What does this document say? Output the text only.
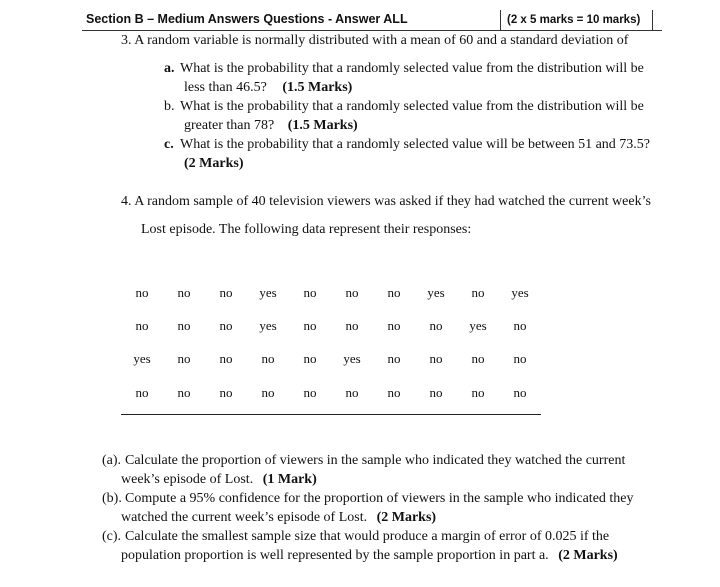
Section B – Medium Answers Questions - Answer ALL	(2 x 5 marks = 10 marks)
3. A random variable is normally distributed with a mean of 60 and a standard deviation of
a. What is the probability that a randomly selected value from the distribution will be
less than 46.5? (1.5 Marks)
b. What is the probability that a randomly selected value from the distribution will be
greater than 78? (1.5 Marks)
c. What is the probability that a randomly selected value will be between 51 and 73.5?
(2 Marks)
4. A random sample of 40 television viewers was asked if they had watched the current week’s
Lost episode. The following data represent their responses:
no	no	no	yes	no	no	no	yes	no	yes
no	no	no	yes	no	no	no	no	yes	no
yes	no	no	no	no	yes	no	no	no	no
no	no	no	no	no	no	no	no	no	no
(a). Calculate the proportion of viewers in the sample who indicated they watched the current
week’s episode of Lost. (1 Mark)
(b). Compute a 95% confidence for the proportion of viewers in the sample who indicated they
watched the current week’s episode of Lost. (2 Marks)
(c). Calculate the smallest sample size that would produce a margin of error of 0.025 if the
population proportion is well represented by the sample proportion in part a. (2 Marks)
